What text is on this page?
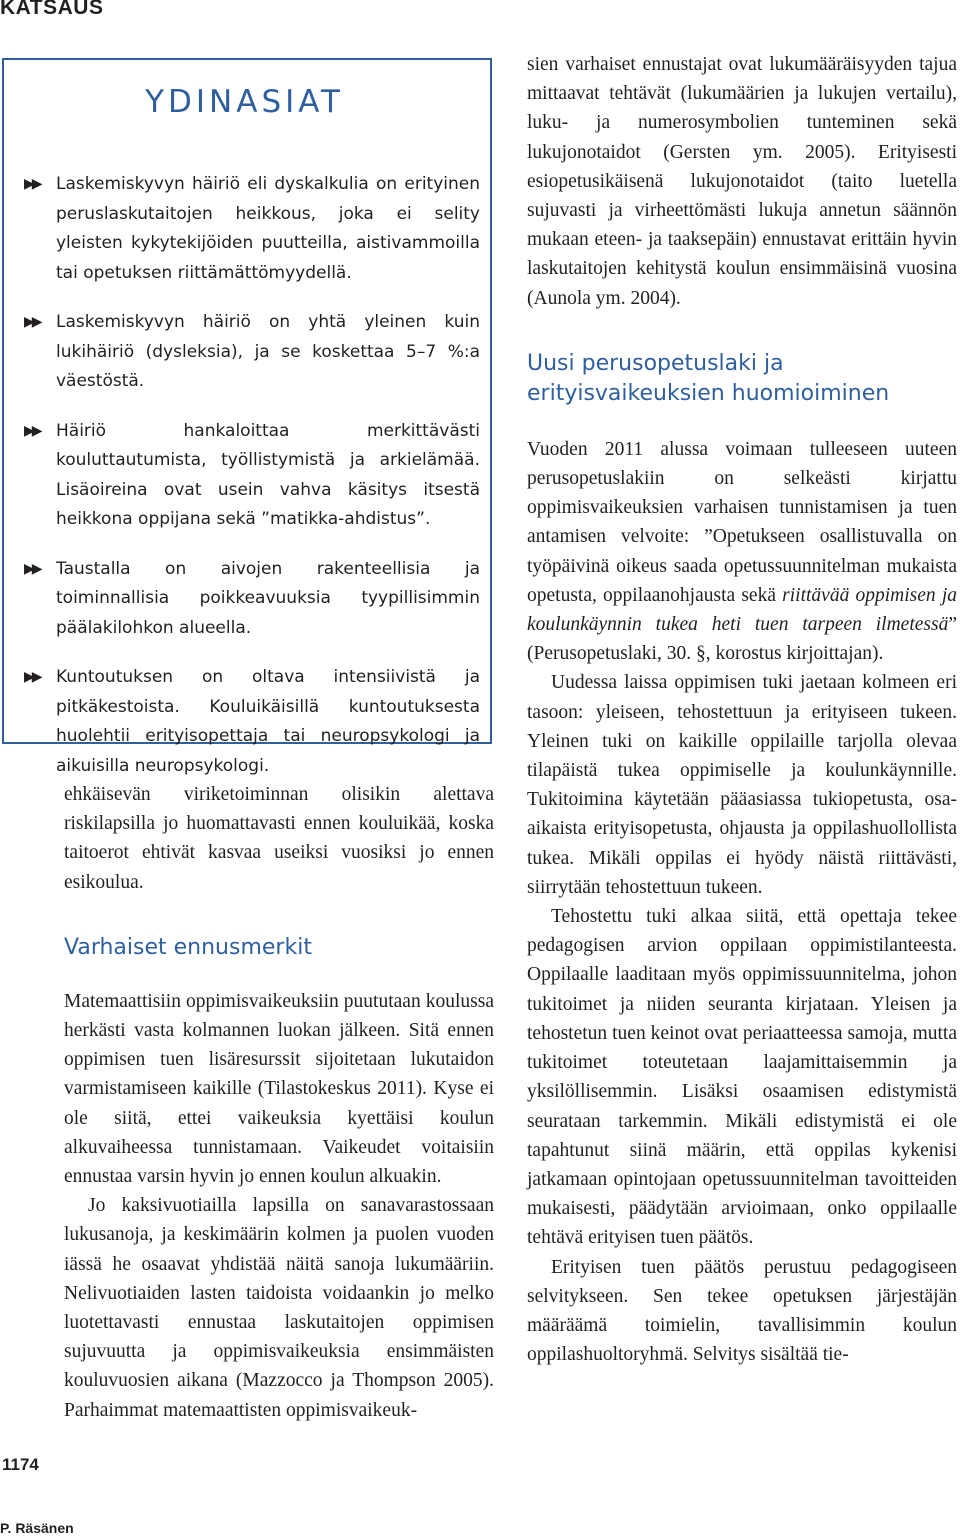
KATSAUS
YDINASIAT
▶▶ Laskemiskyvyn häiriö eli dyskalkulia on erityinen peruslaskutaitojen heikkous, joka ei selity yleisten kykytekijöiden puutteilla, aistivammoilla tai opetuksen riittämättömyydellä.
▶▶ Laskemiskyvyn häiriö on yhtä yleinen kuin lukihäiriö (dysleksia), ja se koskettaa 5–7 %:a väestöstä.
▶▶ Häiriö hankaloittaa merkittävästi kouluttautumista, työllistymistä ja arkielämää. Lisäoireina ovat usein vahva käsitys itsestä heikkona oppijana sekä ”matikka-ahdistus”.
▶▶ Taustalla on aivojen rakenteellisia ja toiminnallisia poikkeavuuksia tyypillisimmin päälakilohkon alueella.
▶▶ Kuntoutuksen on oltava intensiivistä ja pitkäkestoista. Kouluikäisillä kuntoutuksesta huolehtii erityisopettaja tai neuropsykologi ja aikuisilla neuropsykologi.

ehkäisevän viriketoiminnan olisikin alettava riskilapsilla jo huomattavasti ennen kouluikää, koska taitoerot ehtivät kasvaa useiksi vuosiksi jo ennen esikoulua.

Varhaiset ennusmerkit

Matemaattisiin oppimisvaikeuksiin puututaan koulussa herkästi vasta kolmannen luokan jälkeen. Sitä ennen oppimisen tuen lisäresurssit sijoitetaan lukutaidon varmistamiseen kaikille (Tilastokeskus 2011). Kyse ei ole siitä, ettei vaikeuksia kyettäisi koulun alkuvaiheessa tunnistamaan. Vaikeudet voitaisiin ennustaa varsin hyvin jo ennen koulun alkuakin.

Jo kaksivuotiailla lapsilla on sanavarastossaan lukusanoja, ja keskimäärin kolmen ja puolen vuoden iässä he osaavat yhdistää näitä sanoja lukumääriin. Nelivuotiaiden lasten taidoista voidaankin jo melko luotettavasti ennustaa laskutaitojen oppimisen sujuvuutta ja oppimisvaikeuksia ensimmäisten kouluvuosien aikana (Mazzocco ja Thompson 2005). Parhaimmat matemaattisten oppimisvaikeuk-

sien varhaiset ennustajat ovat lukumääräisyyden tajua mittaavat tehtävät (lukumäärien ja lukujen vertailu), luku- ja numerosymbolien tunteminen sekä lukujonotaidot (Gersten ym. 2005). Erityisesti esiopetusikäisenä lukujonotaidot (taito luetella sujuvasti ja virheettömästi lukuja annetun säännön mukaan eteen- ja taaksepäin) ennustavat erittäin hyvin laskutaitojen kehitystä koulun ensimmäisinä vuosina (Aunola ym. 2004).

Uusi perusopetuslaki ja erityisvaikeuksien huomioiminen

Vuoden 2011 alussa voimaan tulleeseen uuteen perusopetuslakiin on selkeästi kirjattu oppimisvaikeuksien varhaisen tunnistamisen ja tuen antamisen velvoite: ”Opetukseen osallistuvalla on työpäivinä oikeus saada opetussuunnitelman mukaista opetusta, oppilaanohjausta sekä riittävää oppimisen ja koulunkäynnin tukea heti tuen tarpeen ilmetessä” (Perusopetuslaki, 30. §, korostus kirjoittajan).

Uudessa laissa oppimisen tuki jaetaan kolmeen eri tasoon: yleiseen, tehostettuun ja erityiseen tukeen. Yleinen tuki on kaikille oppilaille tarjolla olevaa tilapäistä tukea oppimiselle ja koulunkäynnille. Tukitoimina käytetään pääasiassa tukiopetusta, osa-aikaista erityisopetusta, ohjausta ja oppilashuollollista tukea. Mikäli oppilas ei hyödy näistä riittävästi, siirrytään tehostettuun tukeen.

Tehostettu tuki alkaa siitä, että opettaja tekee pedagogisen arvion oppilaan oppimistilanteesta. Oppilaalle laaditaan myös oppimissuunnitelma, johon tukitoimet ja niiden seuranta kirjataan. Yleisen ja tehostetun tuen keinot ovat periaatteessa samoja, mutta tukitoimet toteutetaan laajamittaisemmin ja yksilöllisemmin. Lisäksi osaamisen edistymistä seurataan tarkemmin. Mikäli edistymistä ei ole tapahtunut siinä määrin, että oppilas kykenisi jatkamaan opintojaan opetussuunnitelman tavoitteiden mukaisesti, päädytään arvioimaan, onko oppilaalle tehtävä erityisen tuen päätös.

Erityisen tuen päätös perustuu pedagogiseen selvitykseen. Sen tekee opetuksen järjestäjän määräämä toimielin, tavallisimmin koulun oppilashuoltoryhmä. Selvitys sisältää tie-

1174
P. Räsänen
